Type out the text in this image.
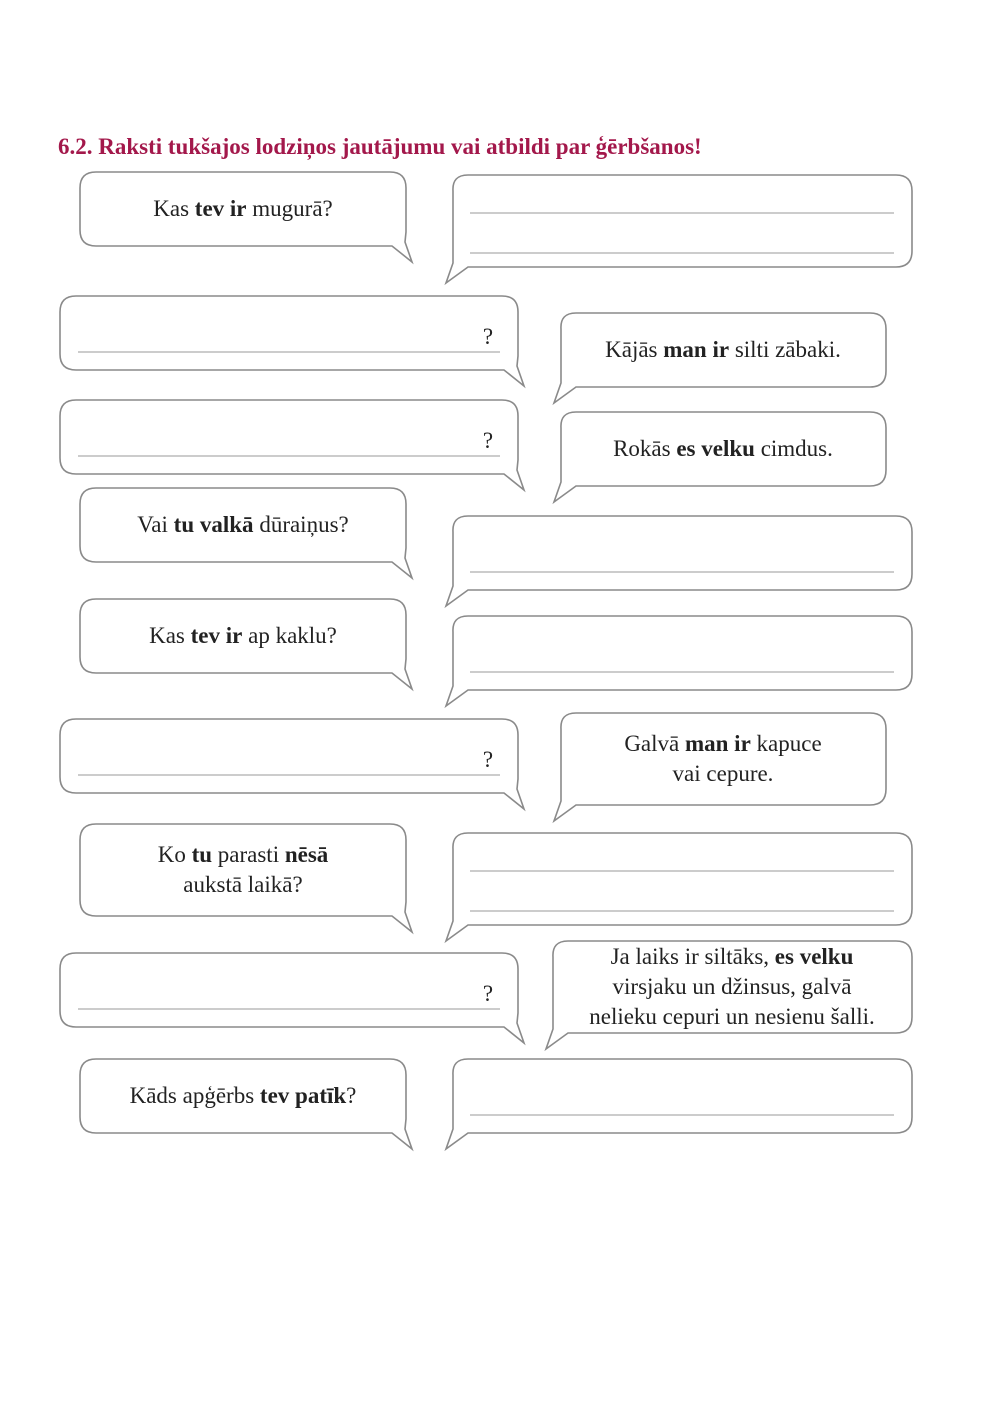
6.2. Raksti tukšajos lodziņos jautājumu vai atbildi par ģērbšanos!
Kas tev ir mugurā?
?
Kājās man ir silti zābaki.
?	Rokās es velku cimdus.
Vai tu valkā dūraiņus?
Kas tev ir ap kaklu?
?
Galvā man ir kapuce
vai cepure.
Ko tu parasti nēsā
aukstā laikā?
?
Ja laiks ir siltāks, es velku
virsjaku un džinsus, galvā
nelieku cepuri un nesienu šalli.
Kāds apģērbs tev patīk?
